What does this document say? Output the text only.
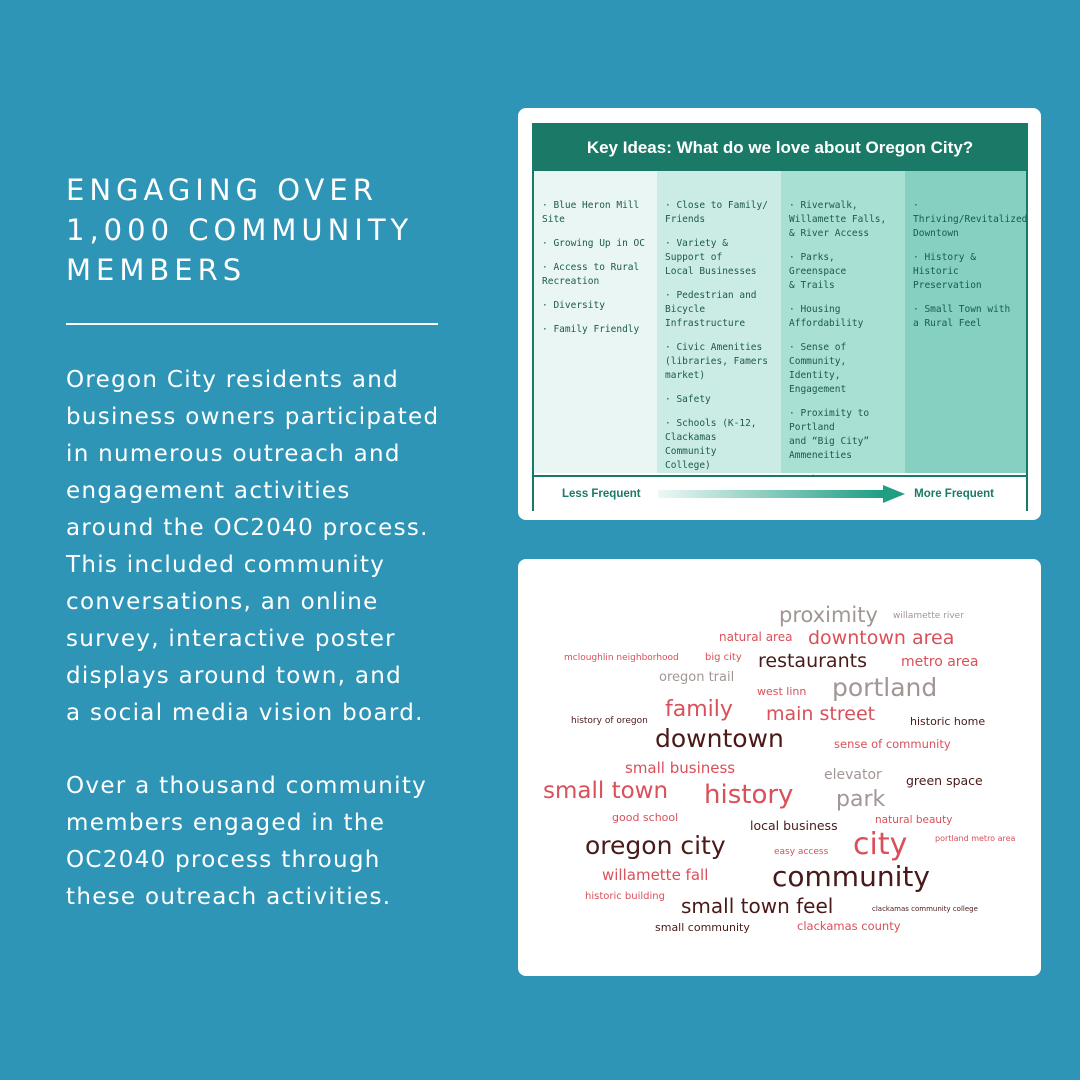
ENGAGING OVER
1,000 COMMUNITY
MEMBERS
Oregon City residents and
business owners participated
in numerous outreach and
engagement activities
around the OC2040 process.
This included community
conversations, an online
survey, interactive poster
displays around town, and
a social media vision board.
Over a thousand community
members engaged in the
OC2040 process through
these outreach activities.
Key Ideas: What do we love about Oregon City?
· Blue Heron Mill Site
· Growing Up in OC
· Access to Rural
Recreation
· Diversity
· Family Friendly
· Close to Family/
Friends
· Variety & Support of
Local Businesses
· Pedestrian and
Bicycle
Infrastructure
· Civic Amenities
(libraries, Famers
market)
· Safety
· Schools (K-12,
Clackamas Community
College)
· Riverwalk,
Willamette Falls,
& River Access
· Parks, Greenspace
& Trails
· Housing Affordability
· Sense of Community,
Identity, Engagement
· Proximity to Portland
and “Big City”
Ammeneities
· Thriving/Revitalized
Downtown
· History & Historic
Preservation
· Small Town with
a Rural Feel
Less Frequent	More Frequent
proximity willamette river
natural area downtown area
mcloughlin neighborhood	big city restaurants metro area
oregon trail
west linn portland
history of oregon family main street	historic home
downtown	sense of community
small business	elevator green space
small town history park
good school	natural beauty
local business
portland metro area
oregon city	easy access city
willamette fall community
historic building small town feel	clackamas community college
small community	clackamas county
